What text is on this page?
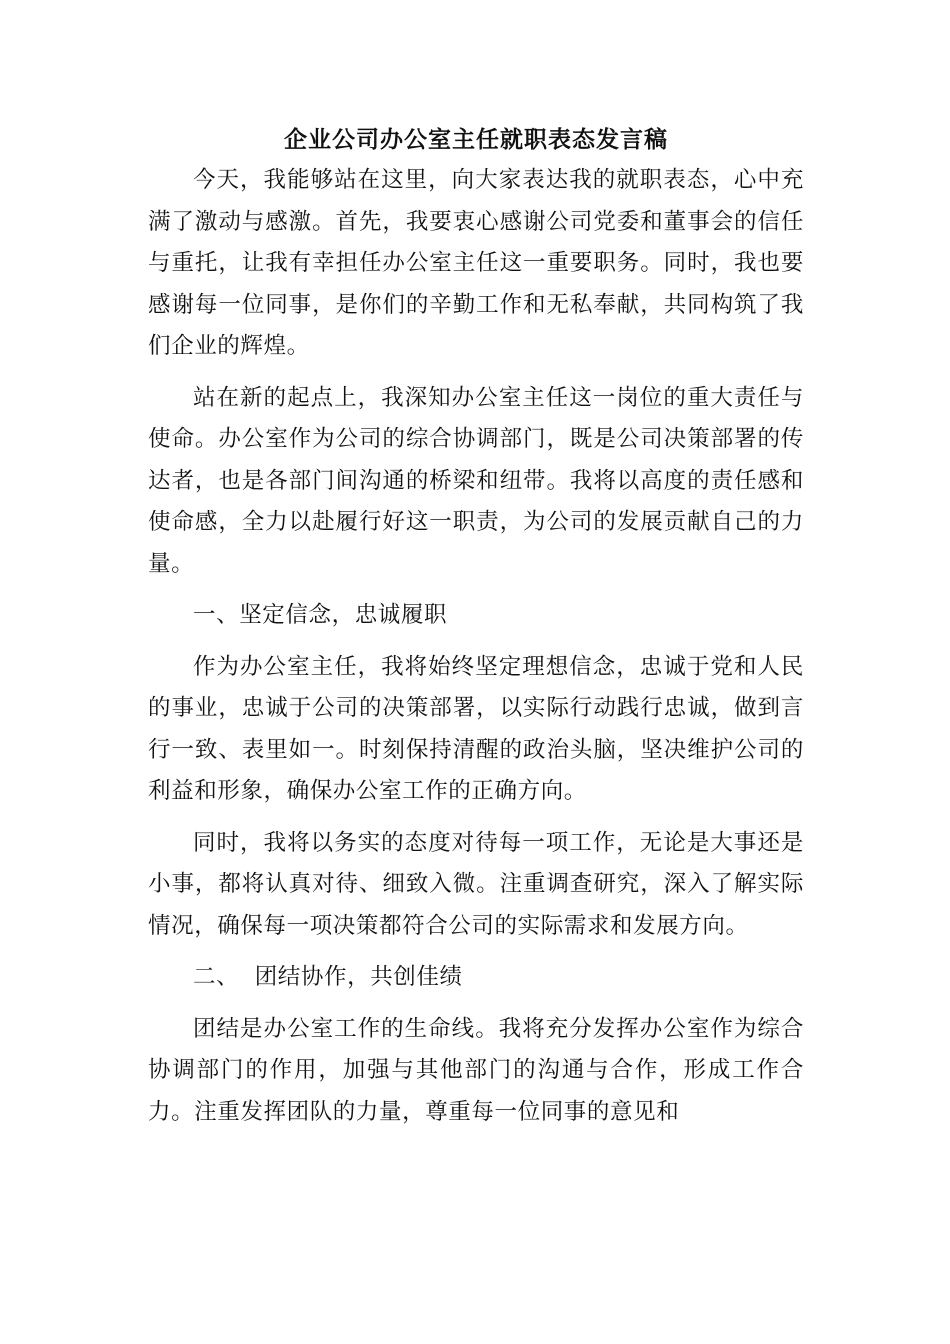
企业公司办公室主任就职表态发言稿

今天，我能够站在这里，向大家表达我的就职表态，心中充满了激动与感激。首先，我要衷心感谢公司党委和董事会的信任与重托，让我有幸担任办公室主任这一重要职务。同时，我也要感谢每一位同事，是你们的辛勤工作和无私奉献，共同构筑了我们企业的辉煌。

站在新的起点上，我深知办公室主任这一岗位的重大责任与使命。办公室作为公司的综合协调部门，既是公司决策部署的传达者，也是各部门间沟通的桥梁和纽带。我将以高度的责任感和使命感，全力以赴履行好这一职责，为公司的发展贡献自己的力量。

一、坚定信念，忠诚履职

作为办公室主任，我将始终坚定理想信念，忠诚于党和人民的事业，忠诚于公司的决策部署，以实际行动践行忠诚，做到言行一致、表里如一。时刻保持清醒的政治头脑，坚决维护公司的利益和形象，确保办公室工作的正确方向。

同时，我将以务实的态度对待每一项工作，无论是大事还是小事，都将认真对待、细致入微。注重调查研究，深入了解实际情况，确保每一项决策都符合公司的实际需求和发展方向。

二、  团结协作，共创佳绩

团结是办公室工作的生命线。我将充分发挥办公室作为综合协调部门的作用，加强与其他部门的沟通与合作，形成工作合力。注重发挥团队的力量，尊重每一位同事的意见和
